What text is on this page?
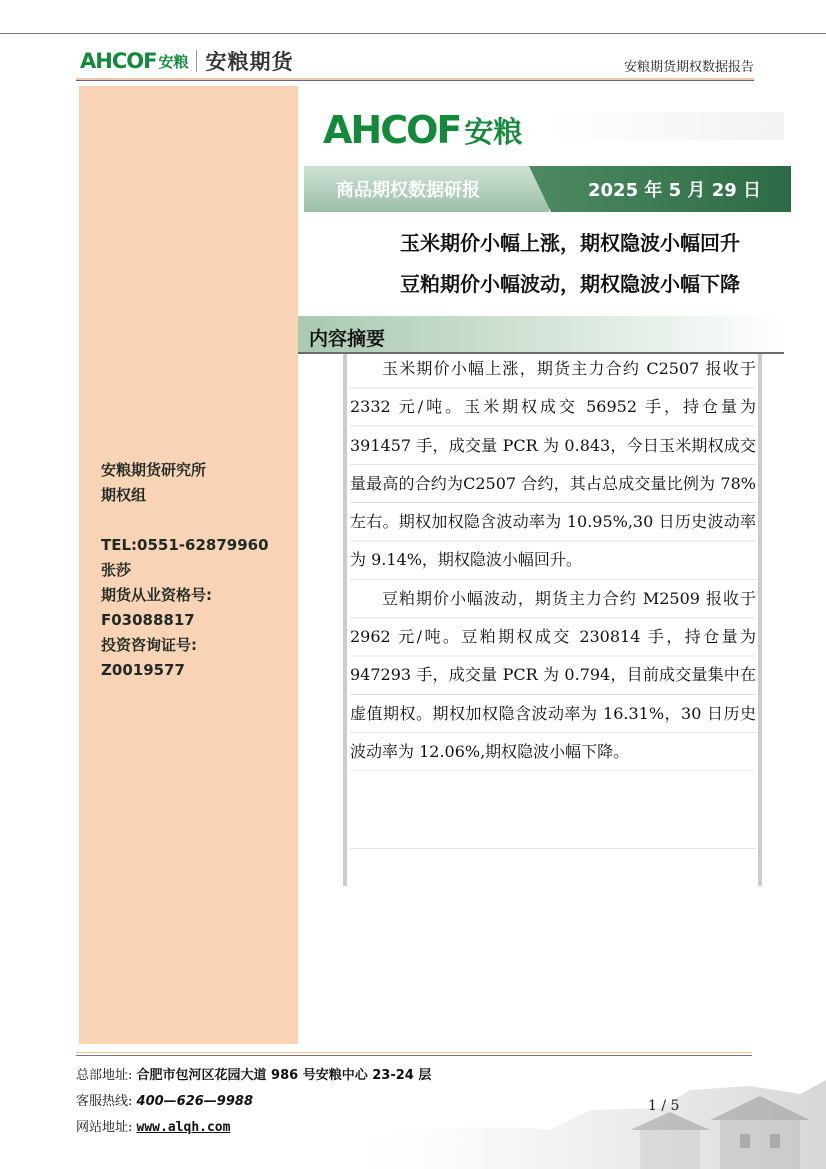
AHCOF 安粮 安粮期货	安粮期货期权数据报告
安粮期货研究所
期权组
TEL:0551-62879960
张莎
期货从业资格号:
F03088817
投资咨询证号:
Z0019577
AHCOF 安粮
商品期权数据研报	2025 年 5 月 29 日
玉米期价小幅上涨，期权隐波小幅回升
豆粕期价小幅波动，期权隐波小幅下降
内容摘要

玉米期价小幅上涨，期货主力合约 C2507 报收于 2332 元/吨。玉米期权成交 56952 手，持仓量为 391457 手，成交量 PCR 为 0.843，今日玉米期权成交量最高的合约为C2507 合约，其占总成交量比例为 78%左右。期权加权隐含波动率为 10.95%,30 日历史波动率为 9.14%，期权隐波小幅回升。

豆粕期价小幅波动，期货主力合约 M2509 报收于 2962 元/吨。豆粕期权成交 230814 手，持仓量为 947293 手，成交量 PCR 为 0.794，目前成交量集中在虚值期权。期权加权隐含波动率为 16.31%，30 日历史波动率为 12.06%,期权隐波小幅下降。

总部地址: 合肥市包河区花园大道 986 号安粮中心 23-24 层
客服热线: 400—626—9988
网站地址: www.alqh.com
1 / 5
